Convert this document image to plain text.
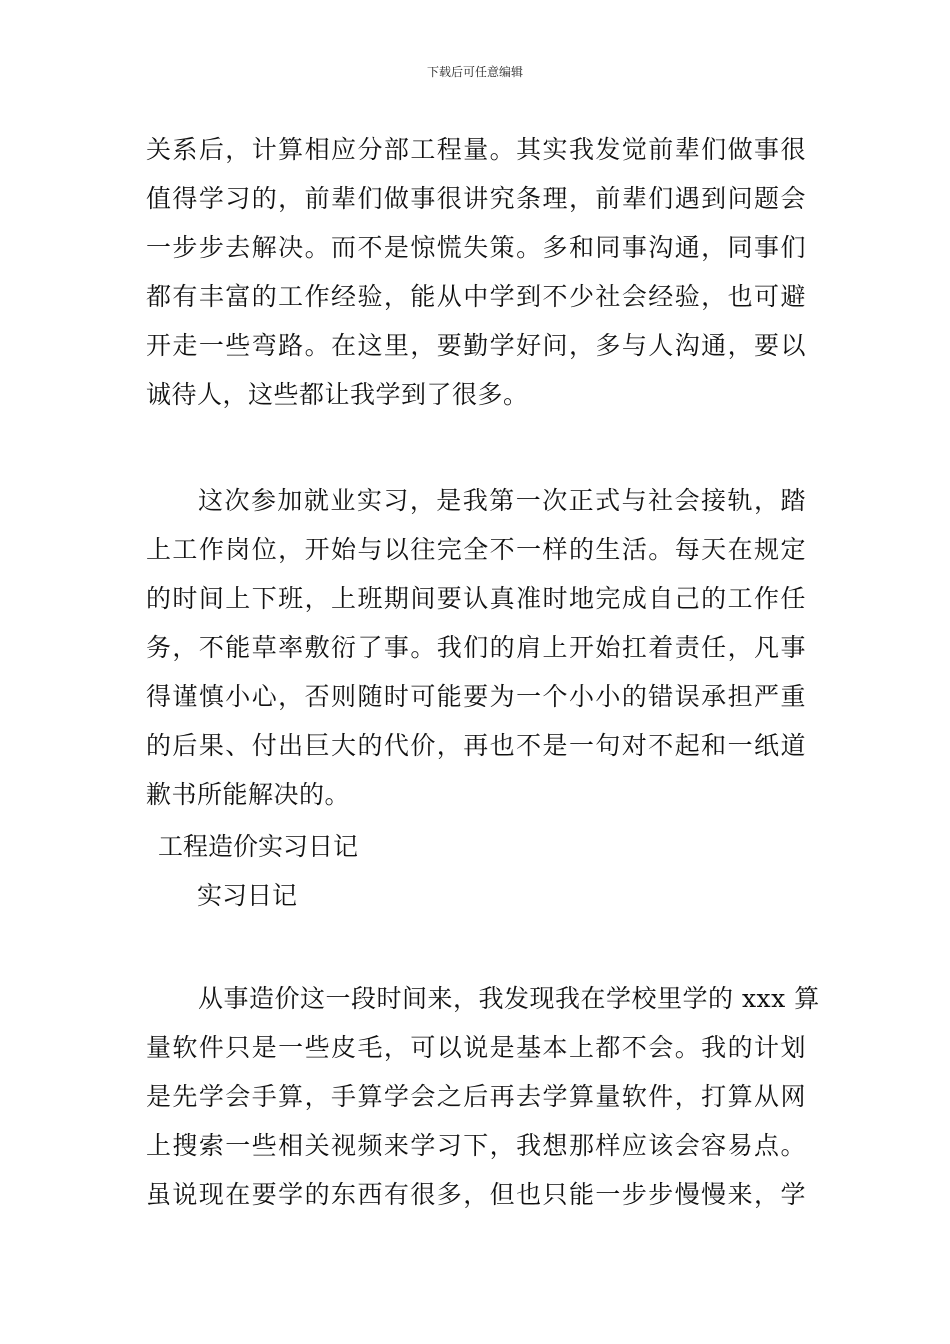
下载后可任意编辑
关系后，计算相应分部工程量。其实我发觉前辈们做事很
值得学习的，前辈们做事很讲究条理，前辈们遇到问题会
一步步去解决。而不是惊慌失策。多和同事沟通，同事们
都有丰富的工作经验，能从中学到不少社会经验，也可避
开走一些弯路。在这里，要勤学好问，多与人沟通，要以
诚待人，这些都让我学到了很多。
这次参加就业实习，是我第一次正式与社会接轨，踏
上工作岗位，开始与以往完全不一样的生活。每天在规定
的时间上下班，上班期间要认真准时地完成自己的工作任
务，不能草率敷衍了事。我们的肩上开始扛着责任，凡事
得谨慎小心，否则随时可能要为一个小小的错误承担严重
的后果、付出巨大的代价，再也不是一句对不起和一纸道
歉书所能解决的。
工程造价实习日记
实习日记
从事造价这一段时间来，我发现我在学校里学的 xxx 算
量软件只是一些皮毛，可以说是基本上都不会。我的计划
是先学会手算，手算学会之后再去学算量软件，打算从网
上搜索一些相关视频来学习下，我想那样应该会容易点。
虽说现在要学的东西有很多，但也只能一步步慢慢来，学
